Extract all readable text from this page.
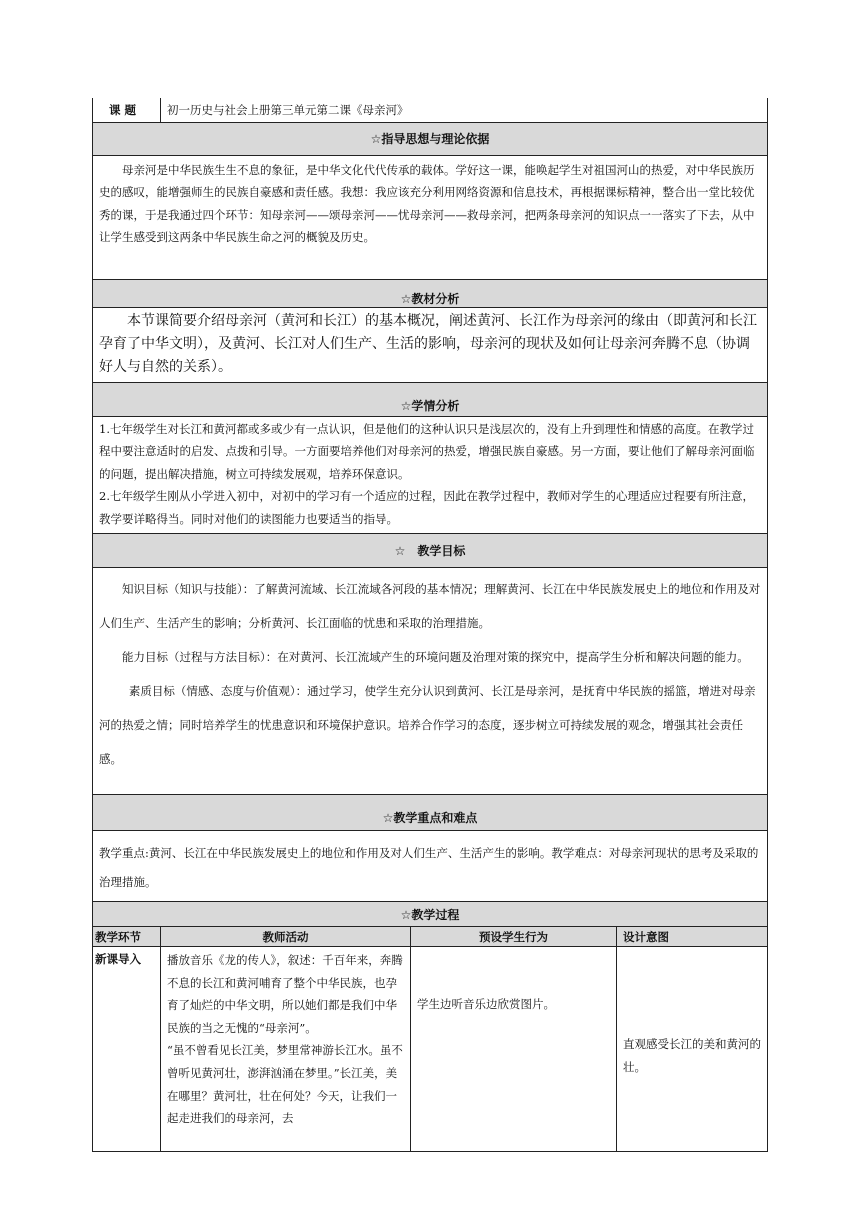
课 题	初一历史与社会上册第三单元第二课《母亲河》		
☆指导思想与理论依据			
母亲河是中华民族生生不息的象征，是中华文化代代传承的载体。学好这一课，能唤起学生对祖国河山的热爱，对中华民族历史的感叹，能增强师生的民族自豪感和责任感。我想：我应该充分利用网络资源和信息技术，再根据课标精神，整合出一堂比较优秀的课，于是我通过四个环节：知母亲河——颂母亲河——忧母亲河——救母亲河，把两条母亲河的知识点一一落实了下去，从中让学生感受到这两条中华民族生命之河的概貌及历史。			
☆教材分析			
本节课简要介绍母亲河（黄河和长江）的基本概况，阐述黄河、长江作为母亲河的缘由（即黄河和长江孕育了中华文明），及黄河、长江对人们生产、生活的影响，母亲河的现状及如何让母亲河奔腾不息（协调好人与自然的关系）。			
☆学情分析			

1.七年级学生对长江和黄河都或多或少有一点认识，但是他们的这种认识只是浅层次的，没有上升到理性和情感的高度。在教学过程中要注意适时的启发、点拨和引导。一方面要培养他们对母亲河的热爱，增强民族自豪感。另一方面，要让他们了解母亲河面临的问题，提出解决措施，树立可持续发展观，培养环保意识。

2.七年级学生刚从小学进入初中，对初中的学习有一个适应的过程，因此在教学过程中，教师对学生的心理适应过程要有所注意，教学要详略得当。同时对他们的读图能力也要适当的指导。			

☆　教学目标			

知识目标（知识与技能）：了解黄河流域、长江流域各河段的基本情况；理解黄河、长江在中华民族发展史上的地位和作用及对人们生产、生活产生的影响；分析黄河、长江面临的忧患和采取的治理措施。

能力目标（过程与方法目标）：在对黄河、长江流域产生的环境问题及治理对策的探究中，提高学生分析和解决问题的能力。

素质目标（情感、态度与价值观）：通过学习，使学生充分认识到黄河、长江是母亲河，是抚育中华民族的摇篮，增进对母亲河的热爱之情；同时培养学生的忧患意识和环境保护意识。培养合作学习的态度，逐步树立可持续发展的观念，增强其社会责任感。			

☆教学重点和难点			
教学重点:黄河、长江在中华民族发展史上的地位和作用及对人们生产、生活产生的影响。教学难点：对母亲河现状的思考及采取的治理措施。			
☆教学过程			
教学环节	教师活动	预设学生行为	设计意图
新课导入	播放音乐《龙的传人》，叙述：千百年来，奔腾不息的长江和黄河哺育了整个中华民族，也孕育了灿烂的中华文明，所以她们都是我们中华民族的当之无愧的“母亲河”。

“虽不曾看见长江美，梦里常神游长江水。虽不曾听见黄河壮，澎湃汹涌在梦里。”长江美，美在哪里？黄河壮，壮在何处？今天，让我们一起走进我们的母亲河，去	学生边听音乐边欣赏图片。	直观感受长江的美和黄河的壮。
